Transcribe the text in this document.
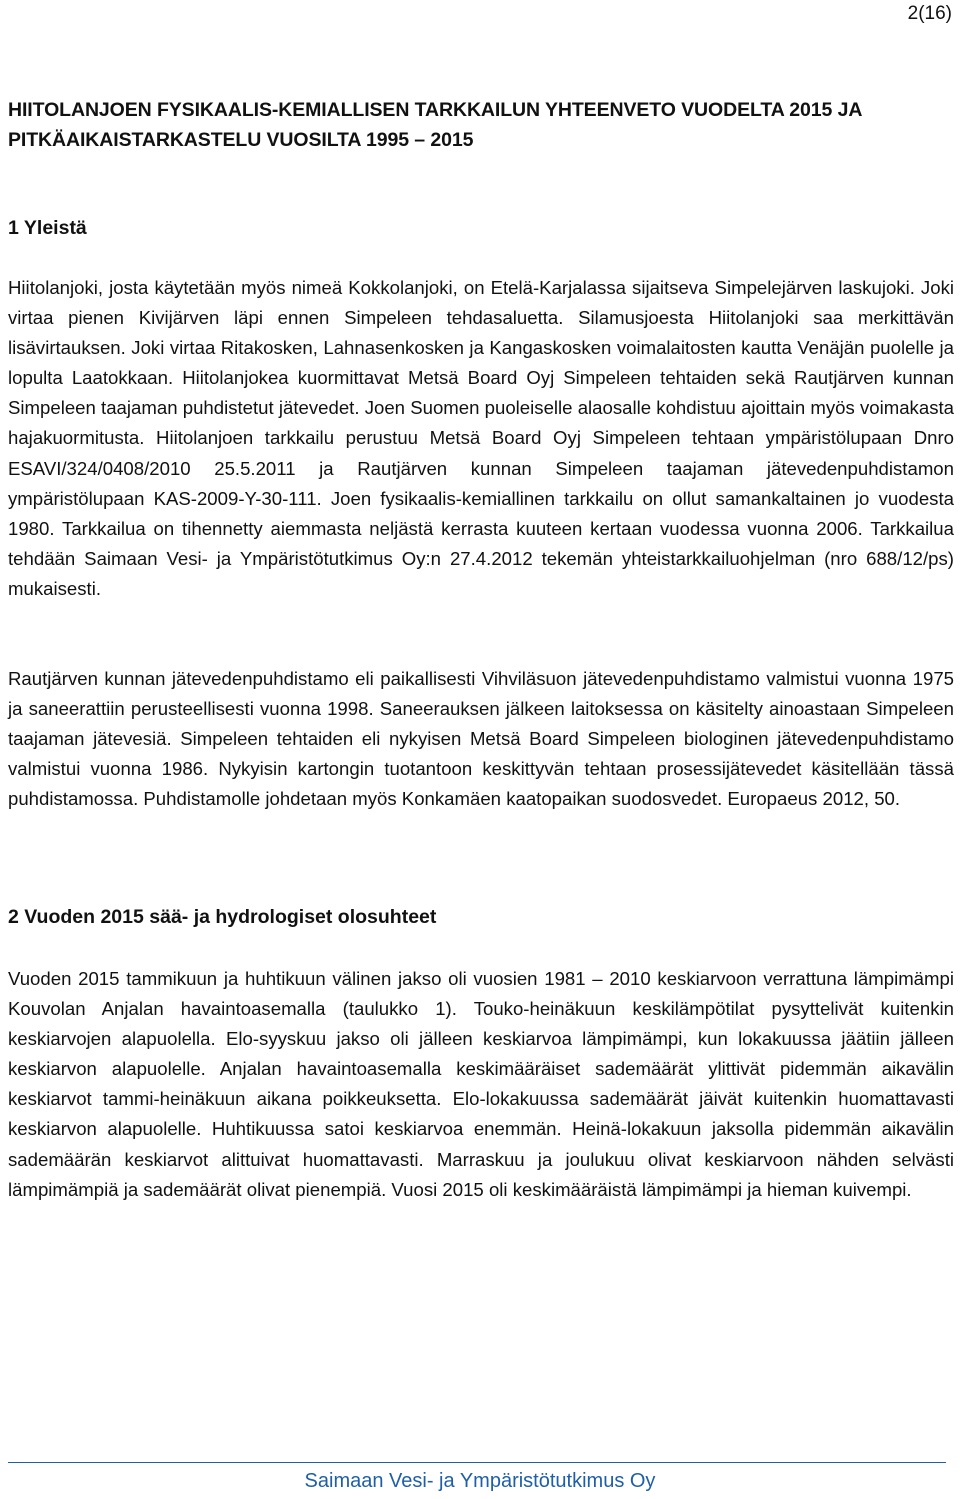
2(16)
HIITOLANJOEN FYSIKAALIS-KEMIALLISEN TARKKAILUN YHTEENVETO VUODELTA 2015 JA PITKÄAIKAISTARKASTELU VUOSILTA 1995 – 2015
1 Yleistä

Hiitolanjoki, josta käytetään myös nimeä Kokkolanjoki, on Etelä-Karjalassa sijaitseva Simpelejärven laskujoki. Joki virtaa pienen Kivijärven läpi ennen Simpeleen tehdasaluetta. Silamusjoesta Hiitolanjoki saa merkittävän lisävirtauksen. Joki virtaa Ritakosken, Lahnasenkosken ja Kangaskosken voimalaitosten kautta Venäjän puolelle ja lopulta Laatokkaan. Hiitolanjokea kuormittavat Metsä Board Oyj Simpeleen tehtaiden sekä Rautjärven kunnan Simpeleen taajaman puhdistetut jätevedet. Joen Suomen puoleiselle alaosalle kohdistuu ajoittain myös voimakasta hajakuormitusta. Hiitolanjoen tarkkailu perustuu Metsä Board Oyj Simpeleen tehtaan ympäristölupaan Dnro ESAVI/324/0408/2010 25.5.2011 ja Rautjärven kunnan Simpeleen taajaman jätevedenpuhdistamon ympäristölupaan KAS-2009-Y-30-111. Joen fysikaalis-kemiallinen tarkkailu on ollut samankaltainen jo vuodesta 1980. Tarkkailua on tihennetty aiemmasta neljästä kerrasta kuuteen kertaan vuodessa vuonna 2006. Tarkkailua tehdään Saimaan Vesi- ja Ympäristötutkimus Oy:n 27.4.2012 tekemän yhteistarkkailuohjelman (nro 688/12/ps) mukaisesti.

Rautjärven kunnan jätevedenpuhdistamo eli paikallisesti Vihviläsuon jätevedenpuhdistamo valmistui vuonna 1975 ja saneerattiin perusteellisesti vuonna 1998. Saneerauksen jälkeen laitoksessa on käsitelty ainoastaan Simpeleen taajaman jätevesiä. Simpeleen tehtaiden eli nykyisen Metsä Board Simpeleen biologinen jätevedenpuhdistamo valmistui vuonna 1986. Nykyisin kartongin tuotantoon keskittyvän tehtaan prosessijätevedet käsitellään tässä puhdistamossa. Puhdistamolle johdetaan myös Konkamäen kaatopaikan suodosvedet. Europaeus 2012, 50.

2 Vuoden 2015 sää- ja hydrologiset olosuhteet

Vuoden 2015 tammikuun ja huhtikuun välinen jakso oli vuosien 1981 – 2010 keskiarvoon verrattuna lämpimämpi Kouvolan Anjalan havaintoasemalla (taulukko 1). Touko-heinäkuun keskilämpötilat pysyttelivät kuitenkin keskiarvojen alapuolella. Elo-syyskuu jakso oli jälleen keskiarvoa lämpimämpi, kun lokakuussa jäätiin jälleen keskiarvon alapuolelle. Anjalan havaintoasemalla keskimääräiset sademäärät ylittivät pidemmän aikavälin keskiarvot tammi-heinäkuun aikana poikkeuksetta. Elo-lokakuussa sademäärät jäivät kuitenkin huomattavasti keskiarvon alapuolelle. Huhtikuussa satoi keskiarvoa enemmän. Heinä-lokakuun jaksolla pidemmän aikavälin sademäärän keskiarvot alittuivat huomattavasti. Marraskuu ja joulukuu olivat keskiarvoon nähden selvästi lämpimämpiä ja sademäärät olivat pienempiä. Vuosi 2015 oli keskimääräistä lämpimämpi ja hieman kuivempi.

Saimaan Vesi- ja Ympäristötutkimus Oy
